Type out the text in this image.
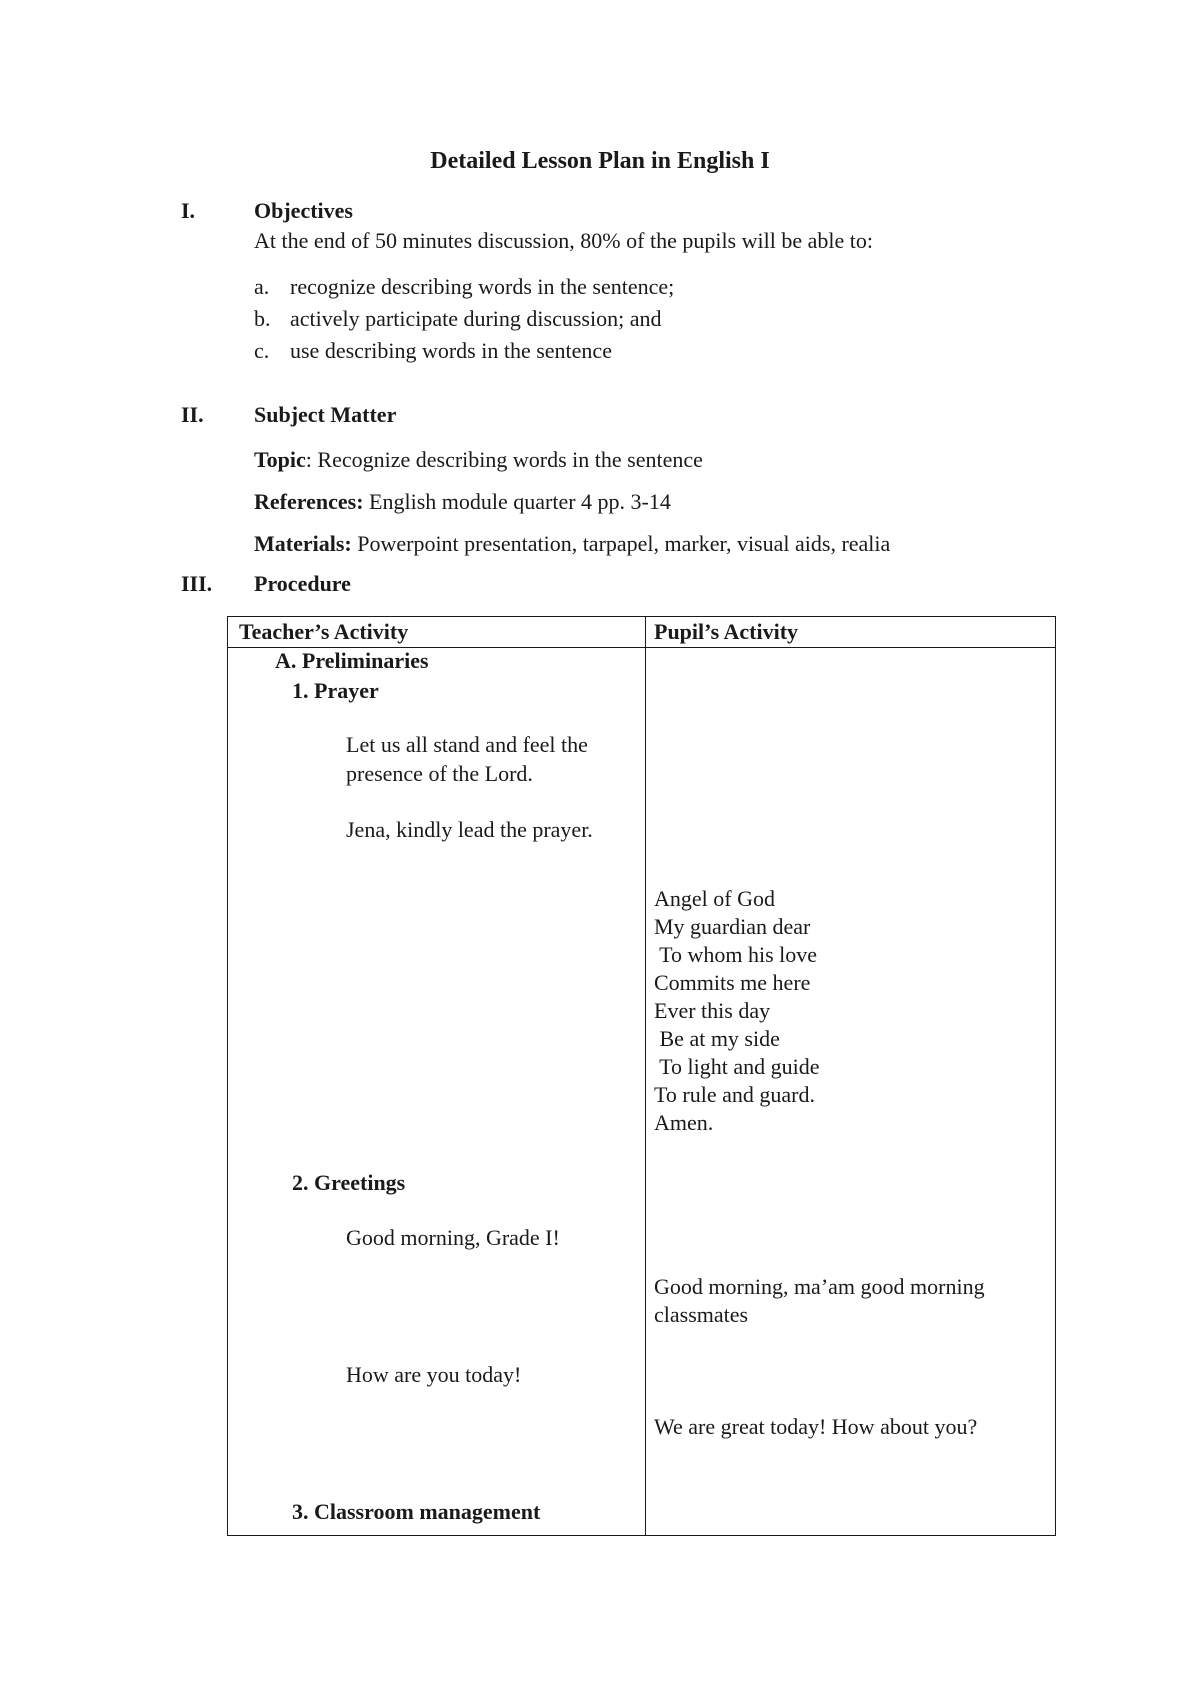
Detailed Lesson Plan in English I
I.	Objectives
At the end of 50 minutes discussion, 80% of the pupils will be able to:
a. recognize describing words in the sentence;
b. actively participate during discussion; and
c. use describing words in the sentence
II. Subject Matter
Topic: Recognize describing words in the sentence
References: English module quarter 4 pp. 3-14
Materials: Powerpoint presentation, tarpapel, marker, visual aids, realia
III. Procedure
Teacher’s Activity	Pupil’s Activity
A. Preliminaries
1. Prayer
Let us all stand and feel the
presence of the Lord.
Jena, kindly lead the prayer.
Angel of God
My guardian dear
To whom his love
Commits me here
Ever this day
Be at my side
To light and guide
To rule and guard.
Amen.
2. Greetings
Good morning, Grade I!
Good morning, ma’am good morning
classmates
How are you today!
We are great today! How about you?
3. Classroom management
